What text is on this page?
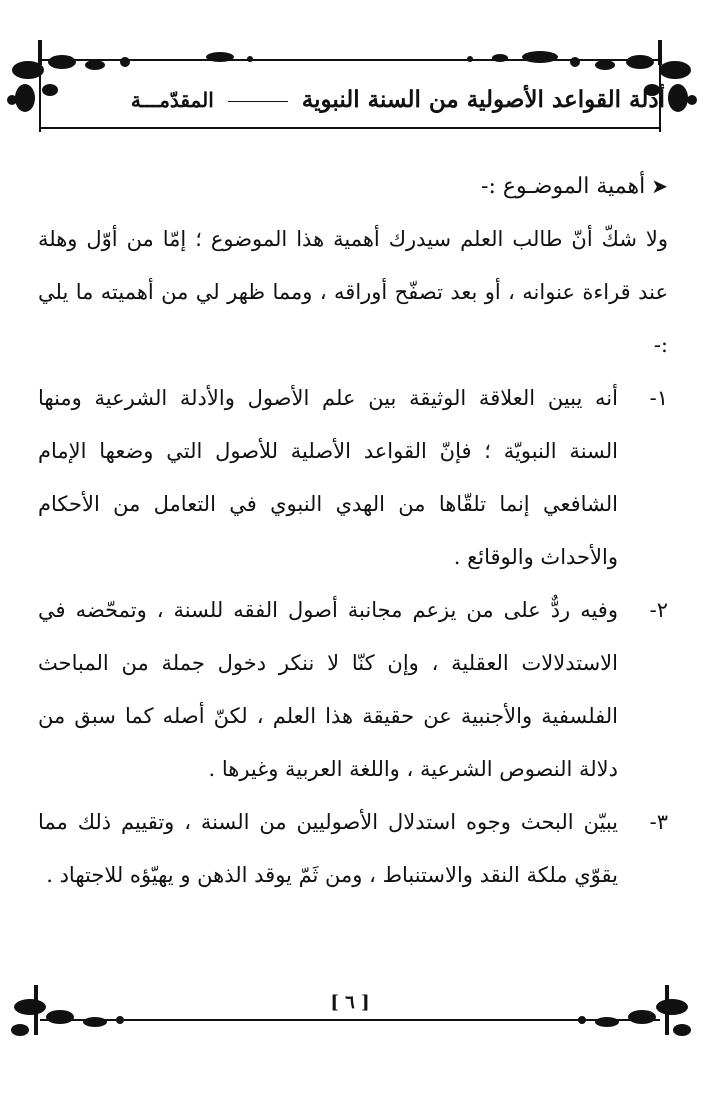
أدلة القواعد الأصولية من السنة النبوية  المقدّمـــة

➤أهمية الموضـوع :-

ولا شكّ أنّ طالب العلم سيدرك أهمية هذا الموضوع ؛ إمّا من أوّل وهلة عند قراءة عنوانه ، أو بعد تصفّح أوراقه ، ومما ظهر لي من أهميته ما يلي :-

١-
أنه يبين العلاقة الوثيقة بين علم الأصول والأدلة الشرعية ومنها السنة النبويّة ؛ فإنّ القواعد الأصلية للأصول التي وضعها الإمام الشافعي إنما تلقّاها من الهدي النبوي في التعامل من الأحكام والأحداث والوقائع .

٢-
وفيه ردٌّ على من يزعم مجانبة أصول الفقه للسنة ، وتمحّضه في الاستدلالات العقلية ، وإن كنّا لا ننكر دخول جملة من المباحث الفلسفية والأجنبية عن حقيقة هذا العلم ، لكنّ أصله كما سبق من دلالة النصوص الشرعية ، واللغة العربية وغيرها .

٣-
يبيّن البحث وجوه استدلال الأصوليين من السنة ، وتقييم ذلك مما يقوّي ملكة النقد والاستنباط ، ومن ثَمّ يوقد الذهن و يهيّؤه للاجتهاد .

[ ٦ ]
